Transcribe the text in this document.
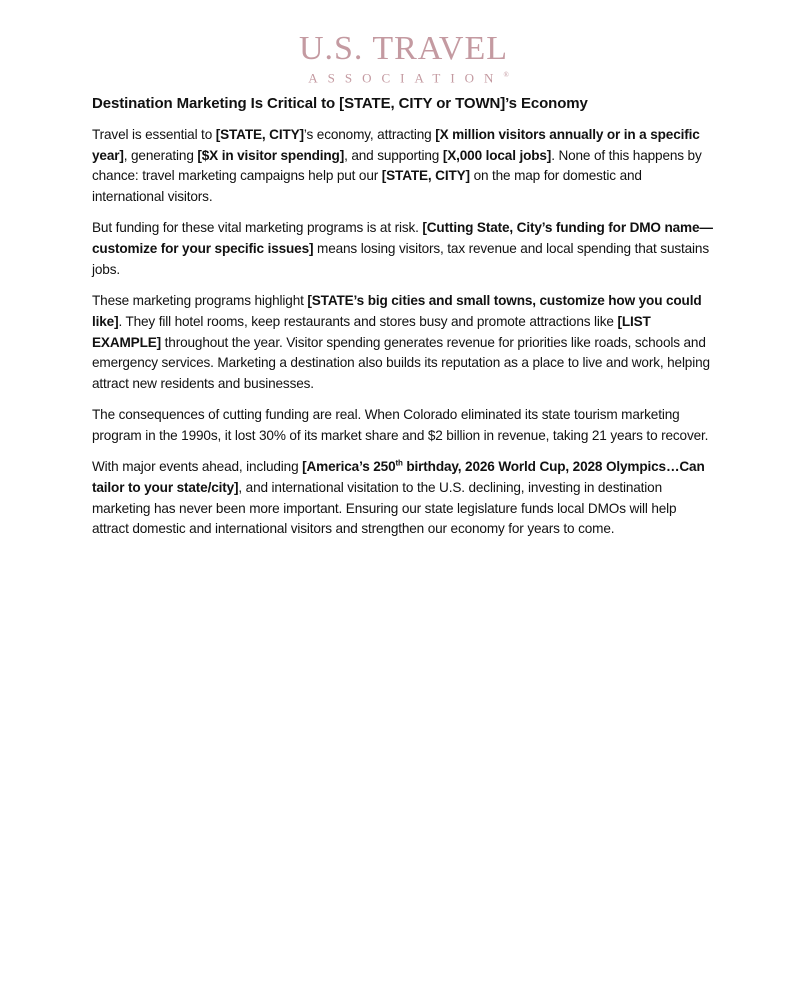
U.S. TRAVEL
ASSOCIATION®
Destination Marketing Is Critical to [STATE, CITY or TOWN]’s Economy

Travel is essential to [STATE, CITY]’s economy, attracting [X million visitors annually or in a specific year], generating [$X in visitor spending], and supporting [X,000 local jobs]. None of this happens by chance: travel marketing campaigns help put our [STATE, CITY] on the map for domestic and international visitors.

But funding for these vital marketing programs is at risk. [Cutting State, City’s funding for DMO name—customize for your specific issues] means losing visitors, tax revenue and local spending that sustains jobs.

These marketing programs highlight [STATE’s big cities and small towns, customize how you could like]. They fill hotel rooms, keep restaurants and stores busy and promote attractions like [LIST EXAMPLE] throughout the year. Visitor spending generates revenue for priorities like roads, schools and emergency services. Marketing a destination also builds its reputation as a place to live and work, helping attract new residents and businesses.

The consequences of cutting funding are real. When Colorado eliminated its state tourism marketing program in the 1990s, it lost 30% of its market share and $2 billion in revenue, taking 21 years to recover.

With major events ahead, including [America’s 250th birthday, 2026 World Cup, 2028 Olympics…Can tailor to your state/city], and international visitation to the U.S. declining, investing in destination marketing has never been more important. Ensuring our state legislature funds local DMOs will help attract domestic and international visitors and strengthen our economy for years to come.
